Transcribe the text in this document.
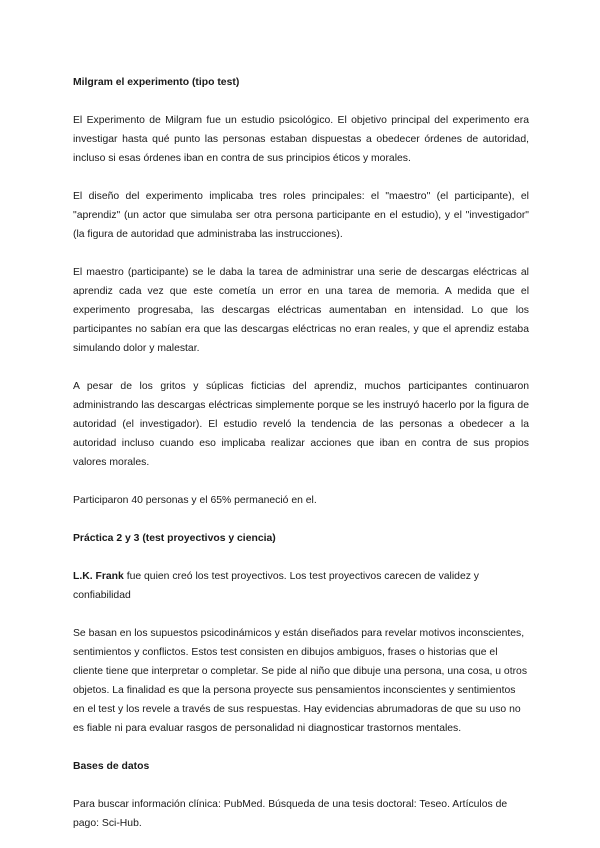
Milgram el experimento (tipo test)

El Experimento de Milgram fue un estudio psicológico. El objetivo principal del experimento era investigar hasta qué punto las personas estaban dispuestas a obedecer órdenes de autoridad, incluso si esas órdenes iban en contra de sus principios éticos y morales.

El diseño del experimento implicaba tres roles principales: el "maestro" (el participante), el "aprendiz" (un actor que simulaba ser otra persona participante en el estudio), y el "investigador" (la figura de autoridad que administraba las instrucciones).

El maestro (participante) se le daba la tarea de administrar una serie de descargas eléctricas al aprendiz cada vez que este cometía un error en una tarea de memoria. A medida que el experimento progresaba, las descargas eléctricas aumentaban en intensidad. Lo que los participantes no sabían era que las descargas eléctricas no eran reales, y que el aprendiz estaba simulando dolor y malestar.

A pesar de los gritos y súplicas ficticias del aprendiz, muchos participantes continuaron administrando las descargas eléctricas simplemente porque se les instruyó hacerlo por la figura de autoridad (el investigador). El estudio reveló la tendencia de las personas a obedecer a la autoridad incluso cuando eso implicaba realizar acciones que iban en contra de sus propios valores morales.

Participaron 40 personas y el 65% permaneció en el.

Práctica 2 y 3 (test proyectivos y ciencia)

L.K. Frank fue quien creó los test proyectivos. Los test proyectivos carecen de validez y confiabilidad

Se basan en los supuestos psicodinámicos y están diseñados para revelar motivos inconscientes, sentimientos y conflictos. Estos test consisten en dibujos ambiguos, frases o historias que el cliente tiene que interpretar o completar. Se pide al niño que dibuje una persona, una cosa, u otros objetos. La finalidad es que la persona proyecte sus pensamientos inconscientes y sentimientos en el test y los revele a través de sus respuestas. Hay evidencias abrumadoras de que su uso no es fiable ni para evaluar rasgos de personalidad ni diagnosticar trastornos mentales.

Bases de datos

Para buscar información clínica: PubMed. Búsqueda de una tesis doctoral: Teseo. Artículos de pago: Sci-Hub.
